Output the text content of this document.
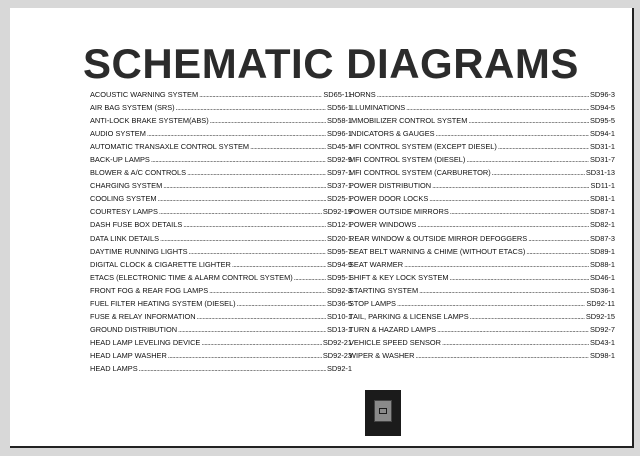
SCHEMATIC DIAGRAMS
ACOUSTIC WARNING SYSTEM .....	SD65-11
AIR BAG SYSTEM (SRS) .....	SD56-1
ANTI-LOCK BRAKE SYSTEM(ABS) .....	SD58-1
AUDIO SYSTEM .....	SD96-1
AUTOMATIC TRANSAXLE CONTROL SYSTEM .....	SD45-1
BACK-UP LAMPS .....	SD92-9
BLOWER & A/C CONTROLS .....	SD97-1
CHARGING SYSTEM .....	SD37-1
COOLING SYSTEM .....	SD25-1
COURTESY LAMPS .....	SD92-19
DASH FUSE BOX DETAILS .....	SD12-1
DATA LINK DETAILS .....	SD20-1
DAYTIME RUNNING LIGHTS .....	SD95-7
DIGITAL CLOCK & CIGARETTE LIGHTER .....	SD94-9
ETACS (ELECTRONIC TIME & ALARM CONTROL SYSTEM) .....	SD95-1
FRONT FOG & REAR FOG LAMPS .....	SD92-3
FUEL FILTER HEATING SYSTEM (DIESEL) .....	SD36-5
FUSE & RELAY INFORMATION .....	SD10-1
GROUND DISTRIBUTION .....	SD13-1
HEAD LAMP LEVELING DEVICE .....	SD92-21
HEAD LAMP WASHER .....	SD92-23
HEAD LAMPS .....	SD92-1
HORNS .....	SD96-3
ILLUMINATIONS .....	SD94-5
IMMOBILIZER CONTROL SYSTEM .....	SD95-5
INDICATORS & GAUGES .....	SD94-1
MFI CONTROL SYSTEM (EXCEPT DIESEL) .....	SD31-1
MFI CONTROL SYSTEM (DIESEL) .....	SD31-7
MFI CONTROL SYSTEM (CARBURETOR) .....	SD31-13
POWER DISTRIBUTION .....	SD11-1
POWER DOOR LOCKS .....	SD81-1
POWER OUTSIDE MIRRORS .....	SD87-1
POWER WINDOWS .....	SD82-1
REAR WINDOW & OUTSIDE MIRROR DEFOGGERS .....	SD87-3
SEAT BELT WARNING & CHIME (WITHOUT ETACS) .....	SD89-1
SEAT WARMER .....	SD88-1
SHIFT & KEY LOCK SYSTEM .....	SD46-1
STARTING SYSTEM .....	SD36-1
STOP LAMPS .....	SD92-11
TAIL, PARKING & LICENSE LAMPS .....	SD92-15
TURN & HAZARD LAMPS .....	SD92-7
VEHICLE SPEED SENSOR .....	SD43-1
WIPER & WASHER .....	SD98-1
